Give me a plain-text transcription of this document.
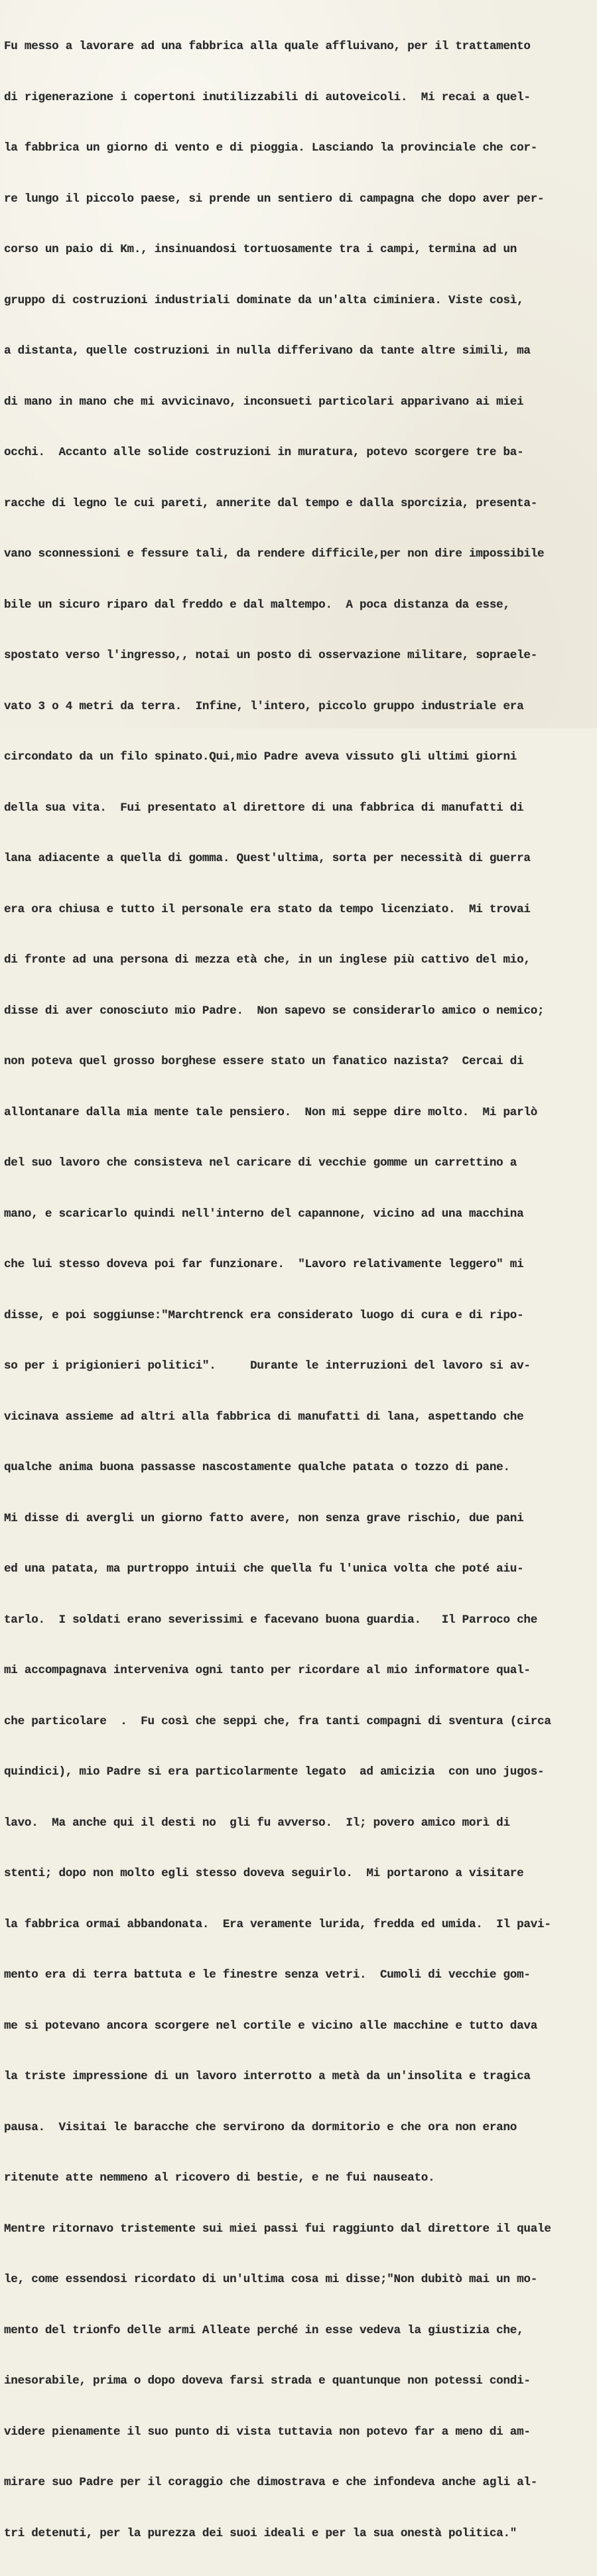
Fu messo a lavorare ad una fabbrica alla quale affluivano, per il trattamento

di rigenerazione i copertoni inutilizzabili di autoveicoli.  Mi recai a quel-

la fabbrica un giorno di vento e di pioggia. Lasciando la provinciale che cor-

re lungo il piccolo paese, si prende un sentiero di campagna che dopo aver per-

corso un paio di Km., insinuandosi tortuosamente tra i campi, termina ad un

gruppo di costruzioni industriali dominate da un'alta ciminiera. Viste così,

a distanta, quelle costruzioni in nulla differivano da tante altre simili, ma

di mano in mano che mi avvicinavo, inconsueti particolari apparivano ai miei

occhi.  Accanto alle solide costruzioni in muratura, potevo scorgere tre ba-

racche di legno le cui pareti, annerite dal tempo e dalla sporcizia, presenta-

vano sconnessioni e fessure tali, da rendere difficile,per non dire impossibile

bile un sicuro riparo dal freddo e dal maltempo.  A poca distanza da esse,

spostato verso l'ingresso,, notai un posto di osservazione militare, sopraele-

vato 3 o 4 metri da terra.  Infine, l'intero, piccolo gruppo industriale era

circondato da un filo spinato.Qui,mio Padre aveva vissuto gli ultimi giorni

della sua vita.  Fui presentato al direttore di una fabbrica di manufatti di

lana adiacente a quella di gomma. Quest'ultima, sorta per necessità di guerra

era ora chiusa e tutto il personale era stato da tempo licenziato.  Mi trovai

di fronte ad una persona di mezza età che, in un inglese più cattivo del mio,

disse di aver conosciuto mio Padre.  Non sapevo se considerarlo amico o nemico;

non poteva quel grosso borghese essere stato un fanatico nazista?  Cercai di

allontanare dalla mia mente tale pensiero.  Non mi seppe dire molto.  Mi parlò

del suo lavoro che consisteva nel caricare di vecchie gomme un carrettino a

mano, e scaricarlo quindi nell'interno del capannone, vicino ad una macchina

che lui stesso doveva poi far funzionare.  "Lavoro relativamente leggero" mi

disse, e poi soggiunse:"Marchtrenck era considerato luogo di cura e di ripo-

so per i prigionieri politici".     Durante le interruzioni del lavoro si av-

vicinava assieme ad altri alla fabbrica di manufatti di lana, aspettando che

qualche anima buona passasse nascostamente qualche patata o tozzo di pane.

Mi disse di avergli un giorno fatto avere, non senza grave rischio, due pani

ed una patata, ma purtroppo intuii che quella fu l'unica volta che poté aiu-

tarlo.  I soldati erano severissimi e facevano buona guardia.   Il Parroco che

mi accompagnava interveniva ogni tanto per ricordare al mio informatore qual-

che particolare  .  Fu così che seppi che, fra tanti compagni di sventura (circa

quindici), mio Padre si era particolarmente legato  ad amicizia  con uno jugos-

lavo.  Ma anche qui il desti no  gli fu avverso.  Il; povero amico morì di

stenti; dopo non molto egli stesso doveva seguirlo.  Mi portarono a visitare

la fabbrica ormai abbandonata.  Era veramente lurida, fredda ed umida.  Il pavi-

mento era di terra battuta e le finestre senza vetri.  Cumoli di vecchie gom-

me si potevano ancora scorgere nel cortile e vicino alle macchine e tutto dava

la triste impressione di un lavoro interrotto a metà da un'insolita e tragica

pausa.  Visitai le baracche che servirono da dormitorio e che ora non erano

ritenute atte nemmeno al ricovero di bestie, e ne fui nauseato.

Mentre ritornavo tristemente sui miei passi fui raggiunto dal direttore il quale

le, come essendosi ricordato di un'ultima cosa mi disse;"Non dubitò mai un mo-

mento del trionfo delle armi Alleate perché in esse vedeva la giustizia che,

inesorabile, prima o dopo doveva farsi strada e quantunque non potessi condi-

videre pienamente il suo punto di vista tuttavia non potevo far a meno di am-

mirare suo Padre per il coraggio che dimostrava e che infondeva anche agli al-

tri detenuti, per la purezza dei suoi ideali e per la sua onestà politica."
